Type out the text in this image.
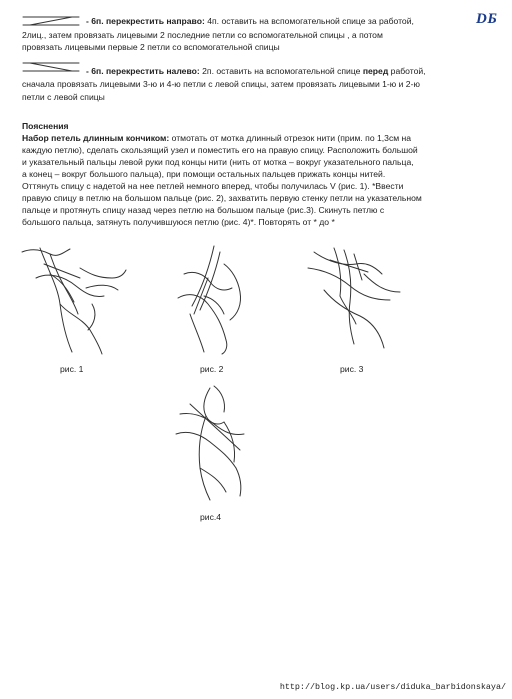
DБ
- 6п. перекрестить направо: 4п. оставить на вспомогательной спице за работой,
2лиц., затем провязать лицевыми 2 последние петли со вспомогательной спицы , а потом
провязать лицевыми первые 2 петли со вспомогательной спицы
- 6п. перекрестить налево: 2п. оставить на вспомогательной спице перед работой,
сначала провязать лицевыми 3-ю и 4-ю петли с левой спицы, затем провязать лицевыми 1-ю и 2-ю
петли с левой спицы
Пояснения
Набор петель длинным кончиком: отмотать от мотка длинный отрезок нити (прим. по 1,3см на
каждую петлю), сделать скользящий узел и поместить его на правую спицу. Расположить большой
и указательный пальцы левой руки под концы нити (нить от мотка – вокруг указательного пальца,
а конец – вокруг большого пальца), при помощи остальных пальцев прижать концы нитей.
Оттянуть спицу с надетой на нее петлей немного вперед, чтобы получилась V (рис. 1). *Ввести
правую спицу в петлю на большом пальце (рис. 2), захватить первую стенку петли на указательном
пальце и протянуть спицу назад через петлю на большом пальце (рис.3). Скинуть петлю с
большого пальца, затянуть получившуюся петлю (рис. 4)*. Повторять от * до *
рис. 1	рис. 2	рис. 3
рис.4
http://blog.kp.ua/users/diduka_barbidonskaya/
